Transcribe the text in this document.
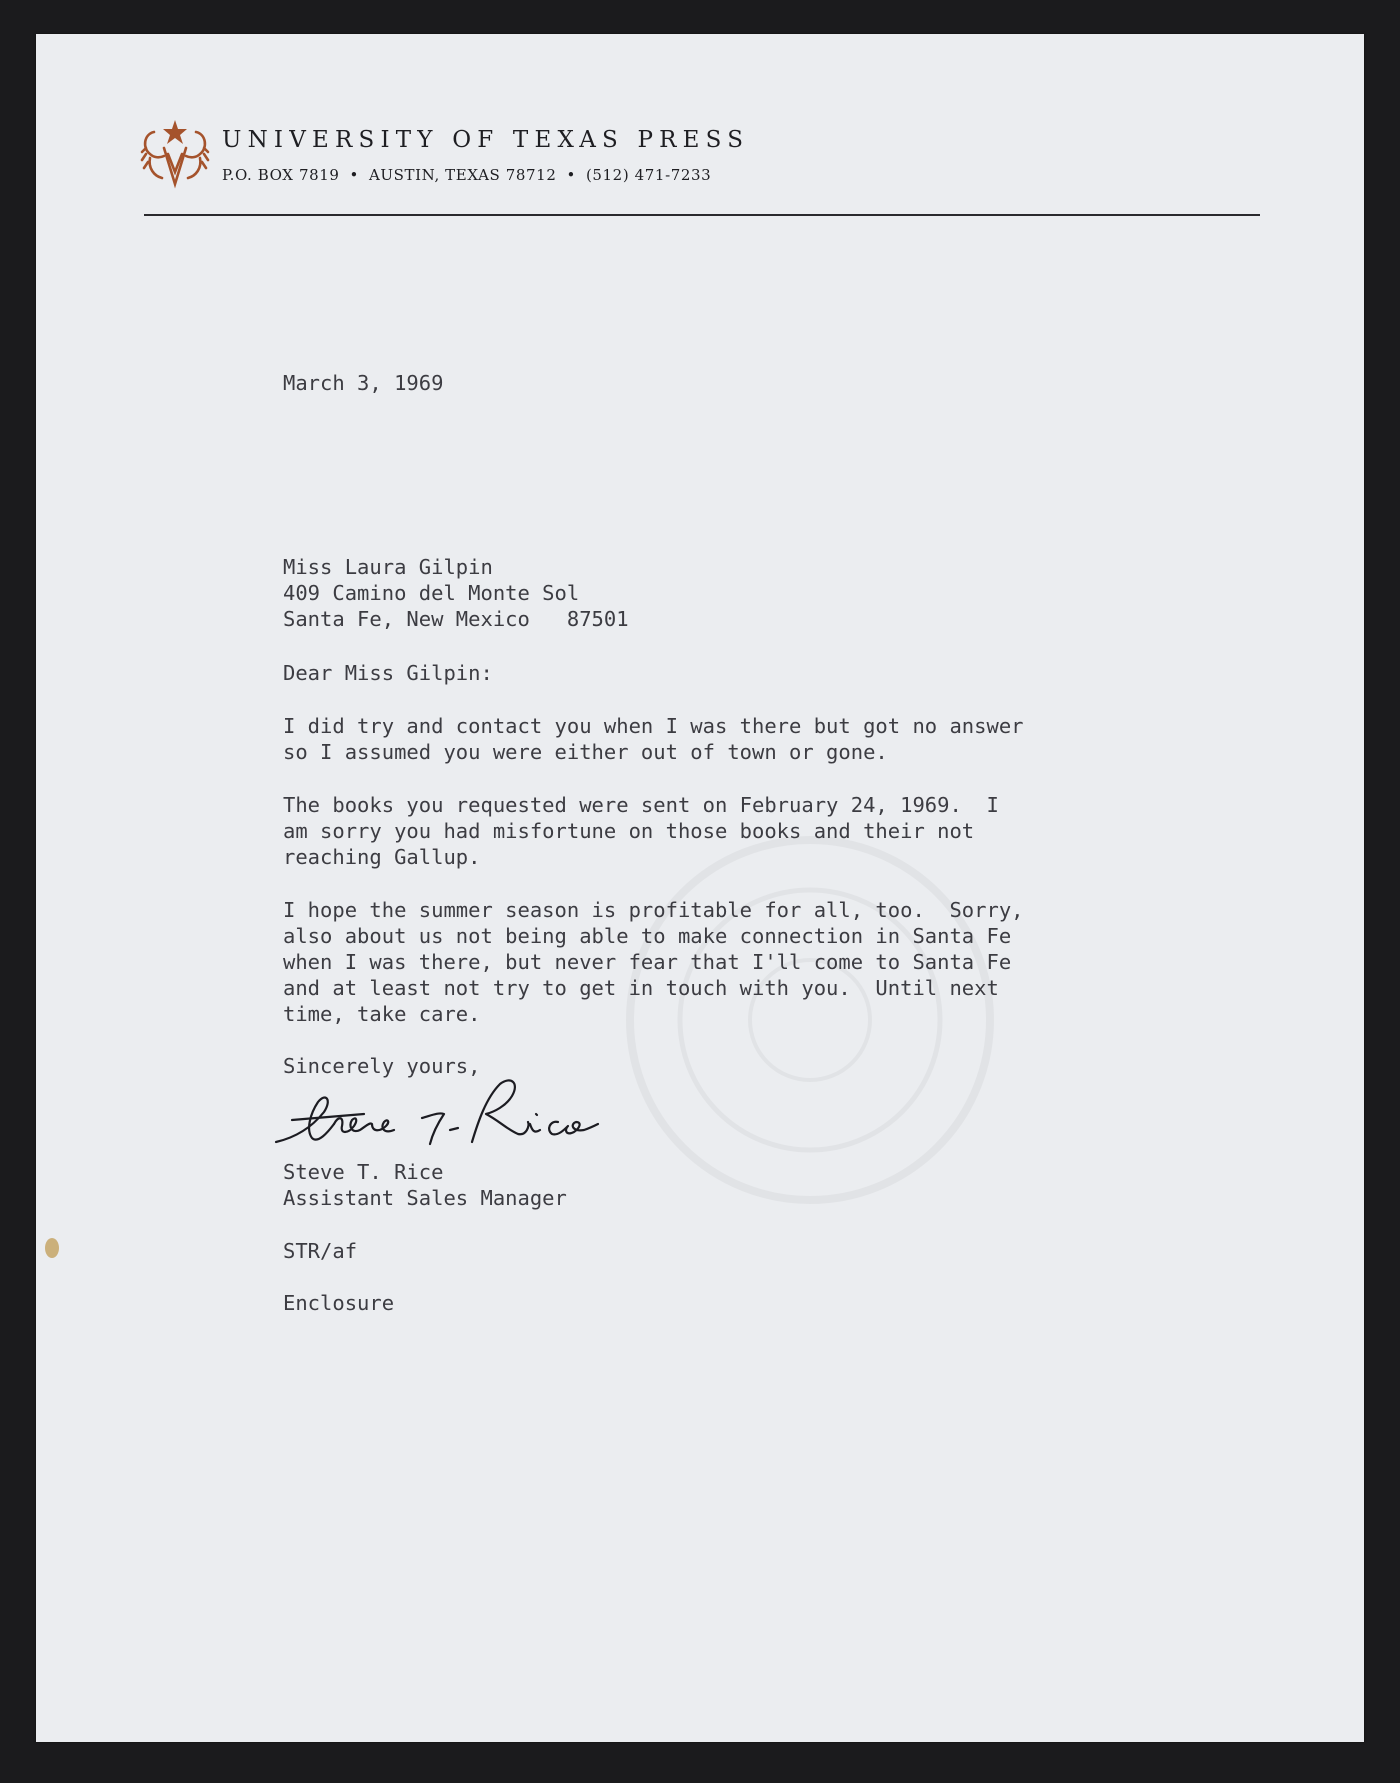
UNIVERSITY OF TEXAS PRESS
P.O. BOX 7819 • AUSTIN, TEXAS 78712 • (512) 471-7233
March 3, 1969
Miss Laura Gilpin
409 Camino del Monte Sol
Santa Fe, New Mexico   87501
Dear Miss Gilpin:
I did try and contact you when I was there but got no answer
so I assumed you were either out of town or gone.
The books you requested were sent on February 24, 1969.  I
am sorry you had misfortune on those books and their not
reaching Gallup.
I hope the summer season is profitable for all, too.  Sorry,
also about us not being able to make connection in Santa Fe
when I was there, but never fear that I'll come to Santa Fe
and at least not try to get in touch with you.  Until next
time, take care.
Sincerely yours,
Steve T. Rice
Assistant Sales Manager
STR/af
Enclosure
